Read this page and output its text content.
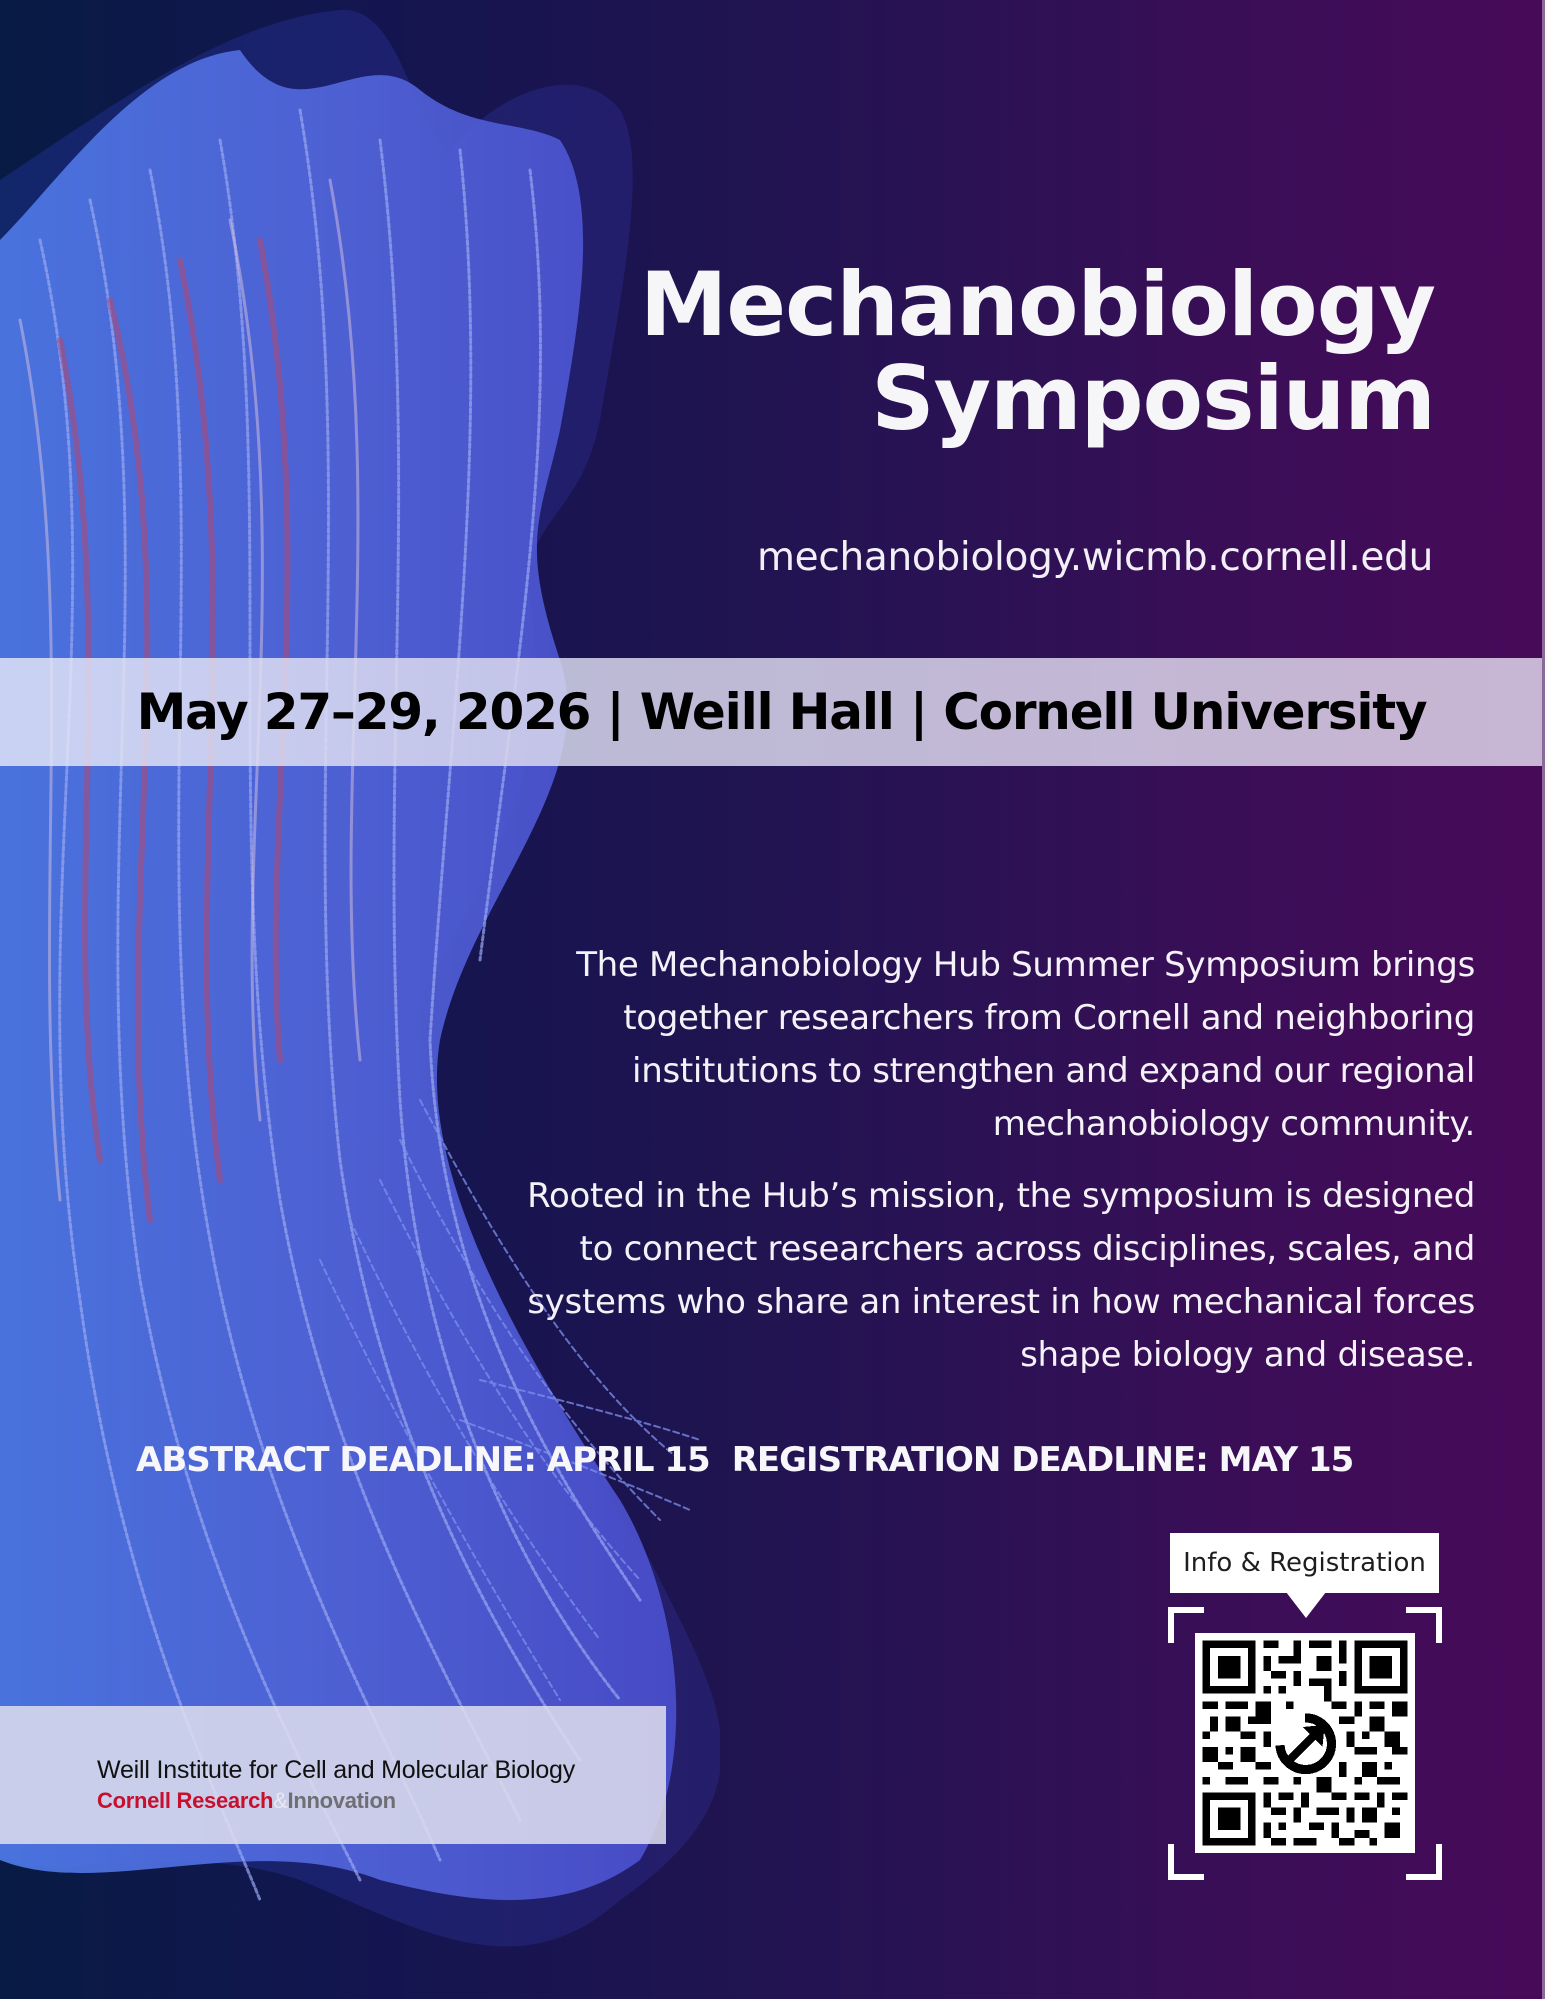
Mechanobiology
Symposium
mechanobiology.wicmb.cornell.edu
May 27–29, 2026 | Weill Hall | Cornell University
The Mechanobiology Hub Summer Symposium brings
together researchers from Cornell and neighboring
institutions to strengthen and expand our regional
mechanobiology community.
Rooted in the Hub’s mission, the symposium is designed
to connect researchers across disciplines, scales, and
systems who share an interest in how mechanical forces
shape biology and disease.
ABSTRACT DEADLINE: APRIL 15 REGISTRATION DEADLINE: MAY 15
Info & Registration
Weill Institute for Cell and Molecular Biology
Cornell Research&Innovation
